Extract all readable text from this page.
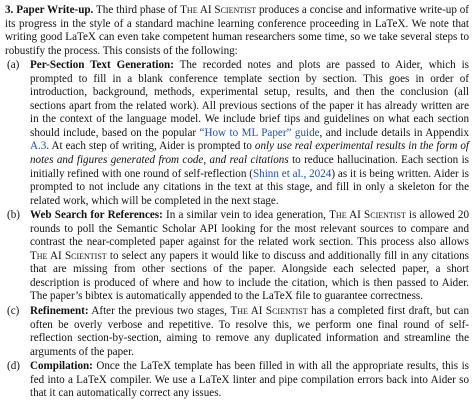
3. Paper Write-up. The third phase of The AI Scientist produces a concise and informative write-up of its progress in the style of a standard machine learning conference proceeding in LaTeX. We note that writing good LaTeX can even take competent human researchers some time, so we take several steps to robustify the process. This consists of the following:

(a) Per-Section Text Generation: The recorded notes and plots are passed to Aider, which is prompted to fill in a blank conference template section by section. This goes in order of introduction, background, methods, experimental setup, results, and then the conclusion (all sections apart from the related work). All previous sections of the paper it has already written are in the context of the language model. We include brief tips and guidelines on what each section should include, based on the popular “How to ML Paper” guide, and include details in Appendix A.3. At each step of writing, Aider is prompted to only use real experimental results in the form of notes and figures generated from code, and real citations to reduce hallucination. Each section is initially refined with one round of self-reflection (Shinn et al., 2024) as it is being written. Aider is prompted to not include any citations in the text at this stage, and fill in only a skeleton for the related work, which will be completed in the next stage.
(b) Web Search for References: In a similar vein to idea generation, The AI Scientist is allowed 20 rounds to poll the Semantic Scholar API looking for the most relevant sources to compare and contrast the near-completed paper against for the related work section. This process also allows The AI Scientist to select any papers it would like to discuss and additionally fill in any citations that are missing from other sections of the paper. Alongside each selected paper, a short description is produced of where and how to include the citation, which is then passed to Aider. The paper’s bibtex is automatically appended to the LaTeX file to guarantee correctness.
(c) Refinement: After the previous two stages, The AI Scientist has a completed first draft, but can often be overly verbose and repetitive. To resolve this, we perform one final round of self-reflection section-by-section, aiming to remove any duplicated information and streamline the arguments of the paper.
(d) Compilation: Once the LaTeX template has been filled in with all the appropriate results, this is fed into a LaTeX compiler. We use a LaTeX linter and pipe compilation errors back into Aider so that it can automatically correct any issues.
